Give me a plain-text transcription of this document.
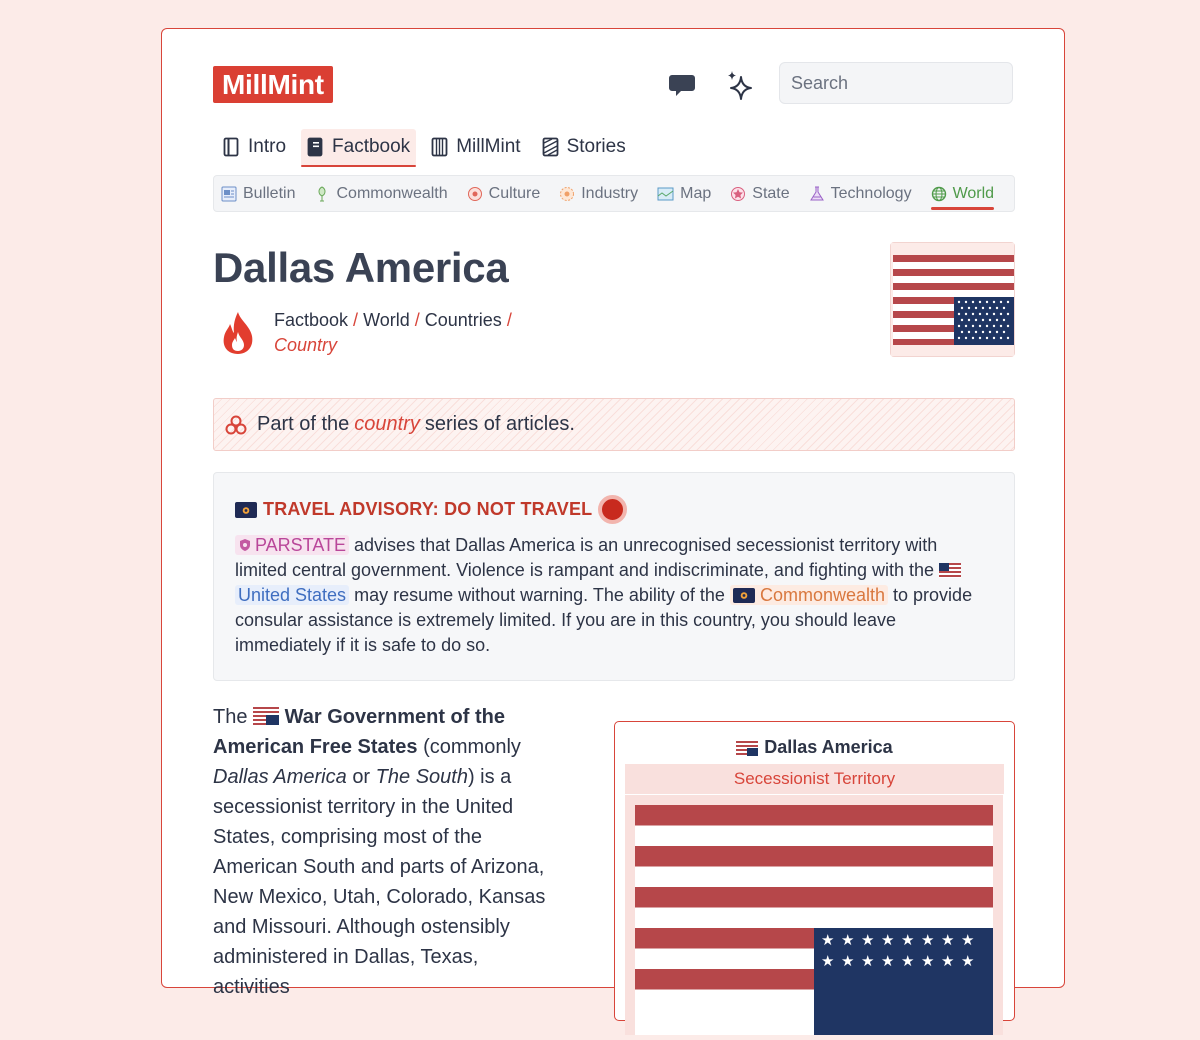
MillMint
Search
Intro Factbook MillMint Stories
Bulletin	Commonwealth	Culture	Industry	Map	State	Technology	World
Dallas America
Factbook / World / Countries /
Country
Part of the country series of articles.
TRAVEL ADVISORY: DO NOT TRAVEL
PARSTATE advises that Dallas America is an unrecognised secessionist territory with limited central government. Violence is rampant and indiscriminate, and fighting with the
United States may resume without warning. The ability of the Commonwealth to provide consular assistance is extremely limited. If you are in this country, you should leave immediately if it is safe to do so.
The War Government of the American Free States (commonly Dallas America or The South) is a secessionist territory in the United States, comprising most of the American South and parts of Arizona, New Mexico, Utah, Colorado, Kansas and Missouri. Although ostensibly administered in Dallas, Texas, activities
Dallas America
Secessionist Territory
★ ★ ★ ★ ★ ★ ★ ★
★ ★ ★ ★ ★ ★ ★ ★
